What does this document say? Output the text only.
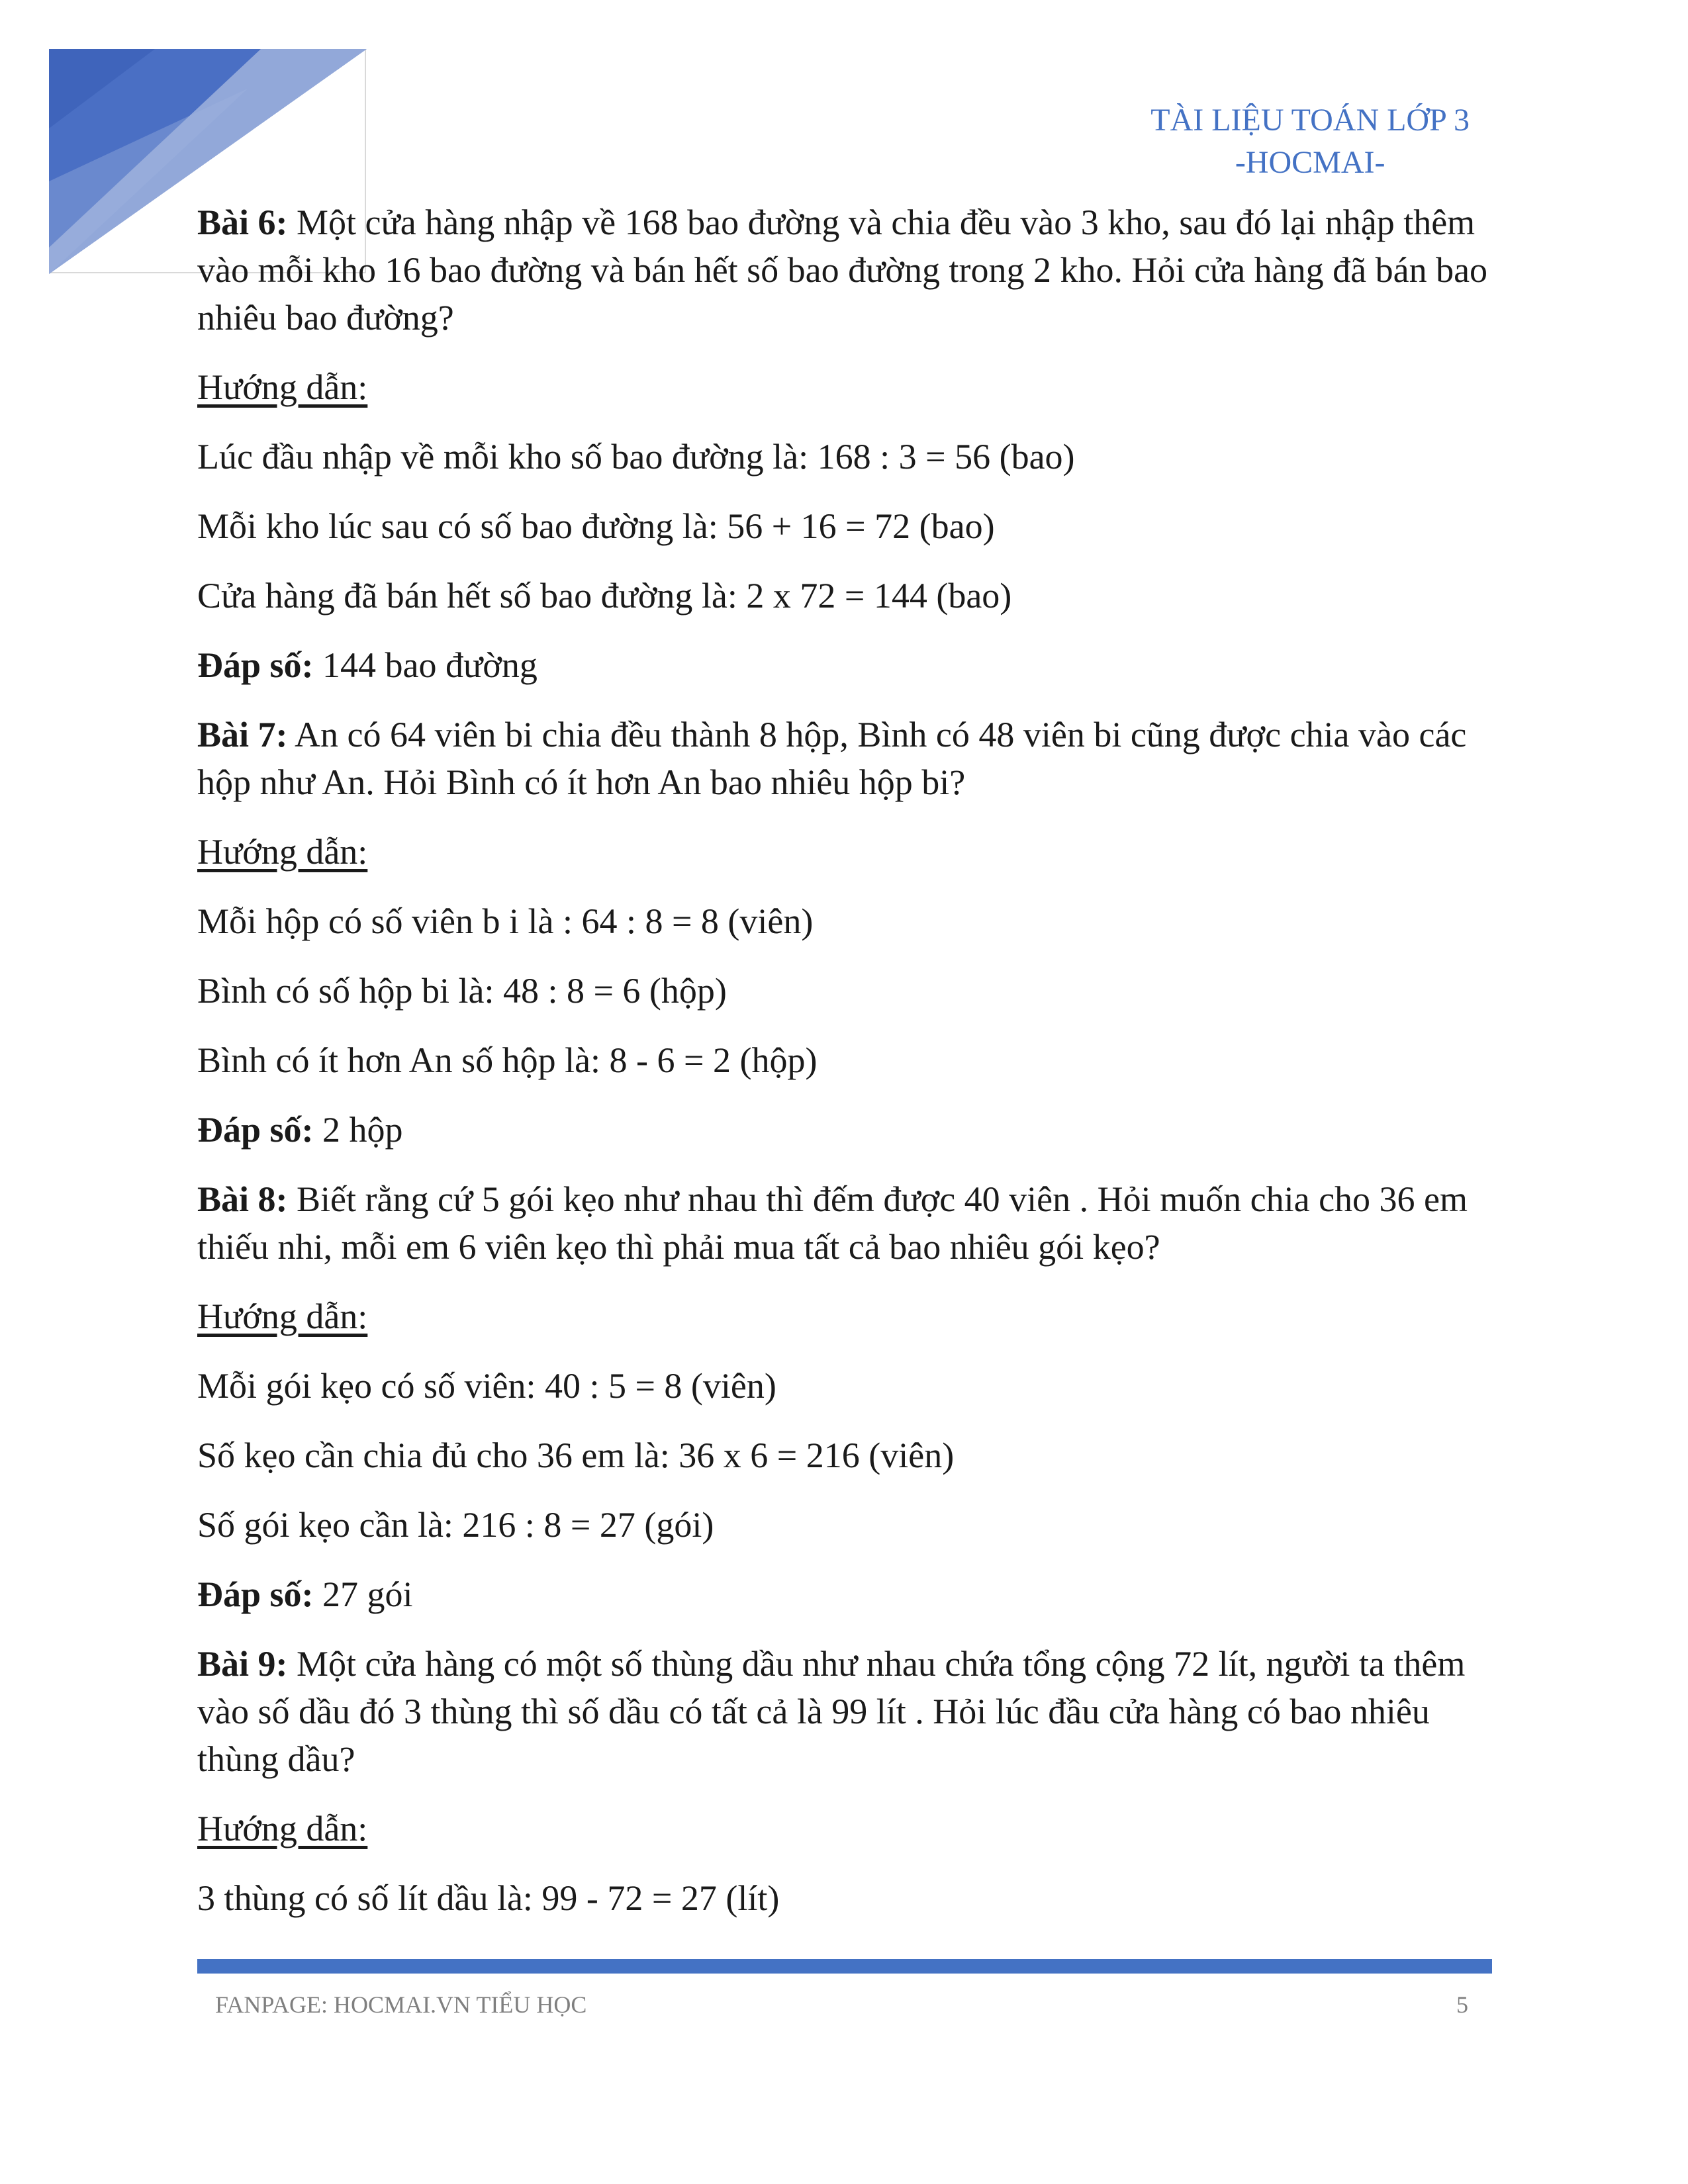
TÀI LIỆU TOÁN LỚP 3
-HOCMAI-

Bài 6: Một cửa hàng nhập về 168 bao đường và chia đều vào 3 kho, sau đó lại nhập thêm vào mỗi kho 16 bao đường và bán hết số bao đường trong 2 kho. Hỏi cửa hàng đã bán bao nhiêu bao đường?

Hướng dẫn:

Lúc đầu nhập về mỗi kho số bao đường là: 168 : 3 = 56 (bao)

Mỗi kho lúc sau có số bao đường là: 56 + 16 = 72 (bao)

Cửa hàng đã bán hết số bao đường là: 2 x 72 = 144 (bao)

Đáp số: 144 bao đường

Bài 7: An có 64 viên bi chia đều thành 8 hộp, Bình có 48 viên bi cũng được chia vào các hộp như An. Hỏi Bình có ít hơn An bao nhiêu hộp bi?

Hướng dẫn:

Mỗi hộp có số viên b i là : 64 : 8 = 8 (viên)

Bình có số hộp bi là: 48 : 8 = 6 (hộp)

Bình có ít hơn An số hộp là: 8 - 6 = 2 (hộp)

Đáp số: 2 hộp

Bài 8: Biết rằng cứ 5 gói kẹo như nhau thì đếm được 40 viên . Hỏi muốn chia cho 36 em thiếu nhi, mỗi em 6 viên kẹo thì phải mua tất cả bao nhiêu gói kẹo?

Hướng dẫn:

Mỗi gói kẹo có số viên: 40 : 5 = 8 (viên)

Số kẹo cần chia đủ cho 36 em là: 36 x 6 = 216 (viên)

Số gói kẹo cần là: 216 : 8 = 27 (gói)

Đáp số: 27 gói

Bài 9: Một cửa hàng có một số thùng dầu như nhau chứa tổng cộng 72 lít, người ta thêm vào số dầu đó 3 thùng thì số dầu có tất cả là 99 lít . Hỏi lúc đầu cửa hàng có bao nhiêu thùng dầu?

Hướng dẫn:

3 thùng có số lít dầu là: 99 - 72 = 27 (lít)

FANPAGE: HOCMAI.VN TIỂU HỌC	5
